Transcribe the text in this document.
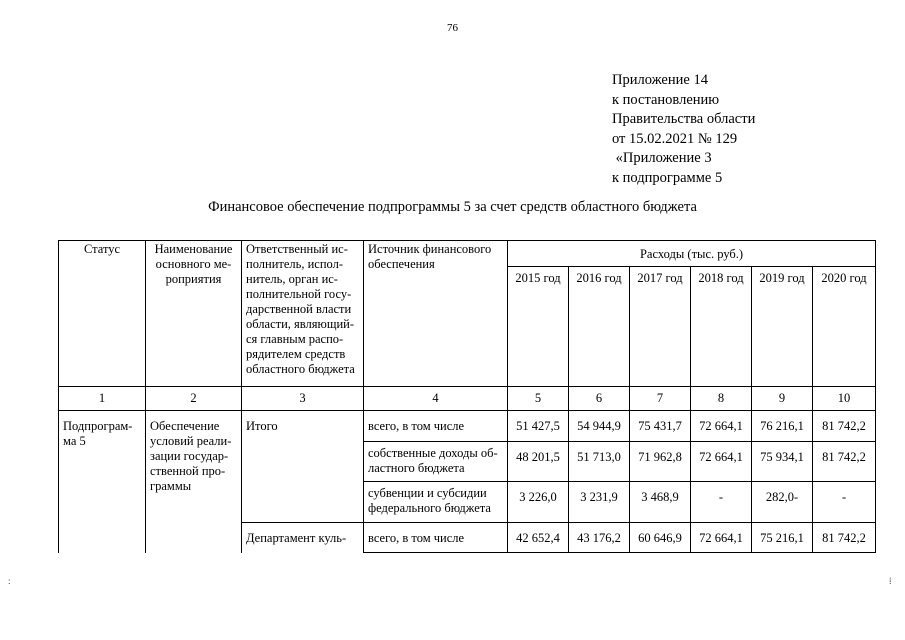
76
Приложение 14
к постановлению
Правительства области
от 15.02.2021 № 129
«Приложение 3
к подпрограмме 5
Финансовое обеспечение подпрограммы 5 за счет средств областного бюджета
Статус	Наименование основного ме-роприятия	Ответственный ис-полнитель, испол-нитель, орган ис-полнительной госу-дарственной власти области, являющий-ся главным распо-рядителем средств областного бюджета	Источник финансового обеспечения	Расходы (тыс. руб.)					
				2015 год	2016 год	2017 год	2018 год	2019 год	2020 год
1	2	3	4	5	6	7	8	9	10
Подпрограм-ма 5	Обеспечение условий реали-зации государ-ственной про-граммы	Итого	всего, в том числе	51 427,5	54 944,9	75 431,7	72 664,1	76 216,1	81 742,2
			собственные доходы об-ластного бюджета	48 201,5	51 713,0	71 962,8	72 664,1	75 934,1	81 742,2
			субвенции и субсидии федерального бюджета	3 226,0	3 231,9	3 468,9	-	282,0-	-
		Департамент куль-	всего, в том числе	42 652,4	43 176,2	60 646,9	72 664,1	75 216,1	81 742,2
:	⁞
